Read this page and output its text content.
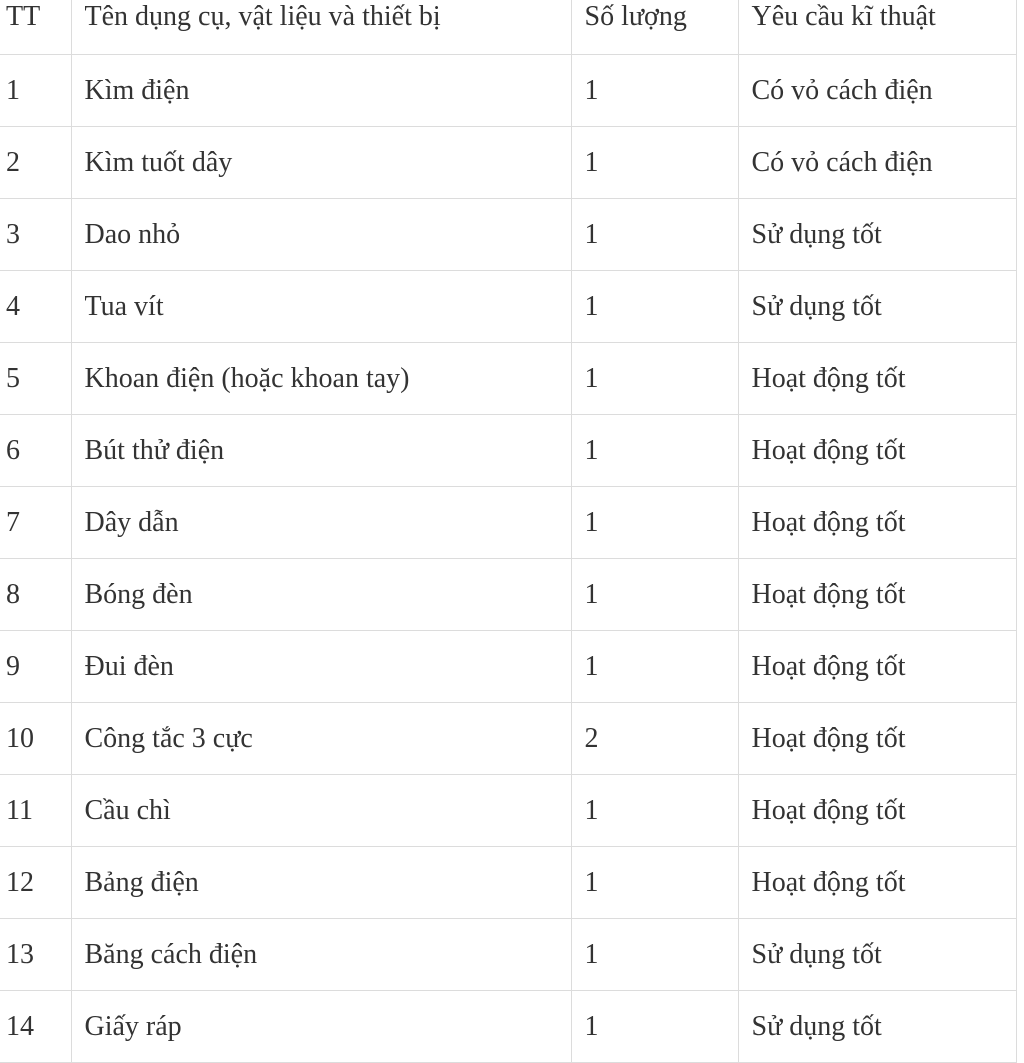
TT	Tên dụng cụ, vật liệu và thiết bị	Số lượng	Yêu cầu kĩ thuật
1	Kìm điện	1	Có vỏ cách điện
2	Kìm tuốt dây	1	Có vỏ cách điện
3	Dao nhỏ	1	Sử dụng tốt
4	Tua vít	1	Sử dụng tốt
5	Khoan điện (hoặc khoan tay)	1	Hoạt động tốt
6	Bút thử điện	1	Hoạt động tốt
7	Dây dẫn	1	Hoạt động tốt
8	Bóng đèn	1	Hoạt động tốt
9	Đui đèn	1	Hoạt động tốt
10	Công tắc 3 cực	2	Hoạt động tốt
11	Cầu chì	1	Hoạt động tốt
12	Bảng điện	1	Hoạt động tốt
13	Băng cách điện	1	Sử dụng tốt
14	Giấy ráp	1	Sử dụng tốt
